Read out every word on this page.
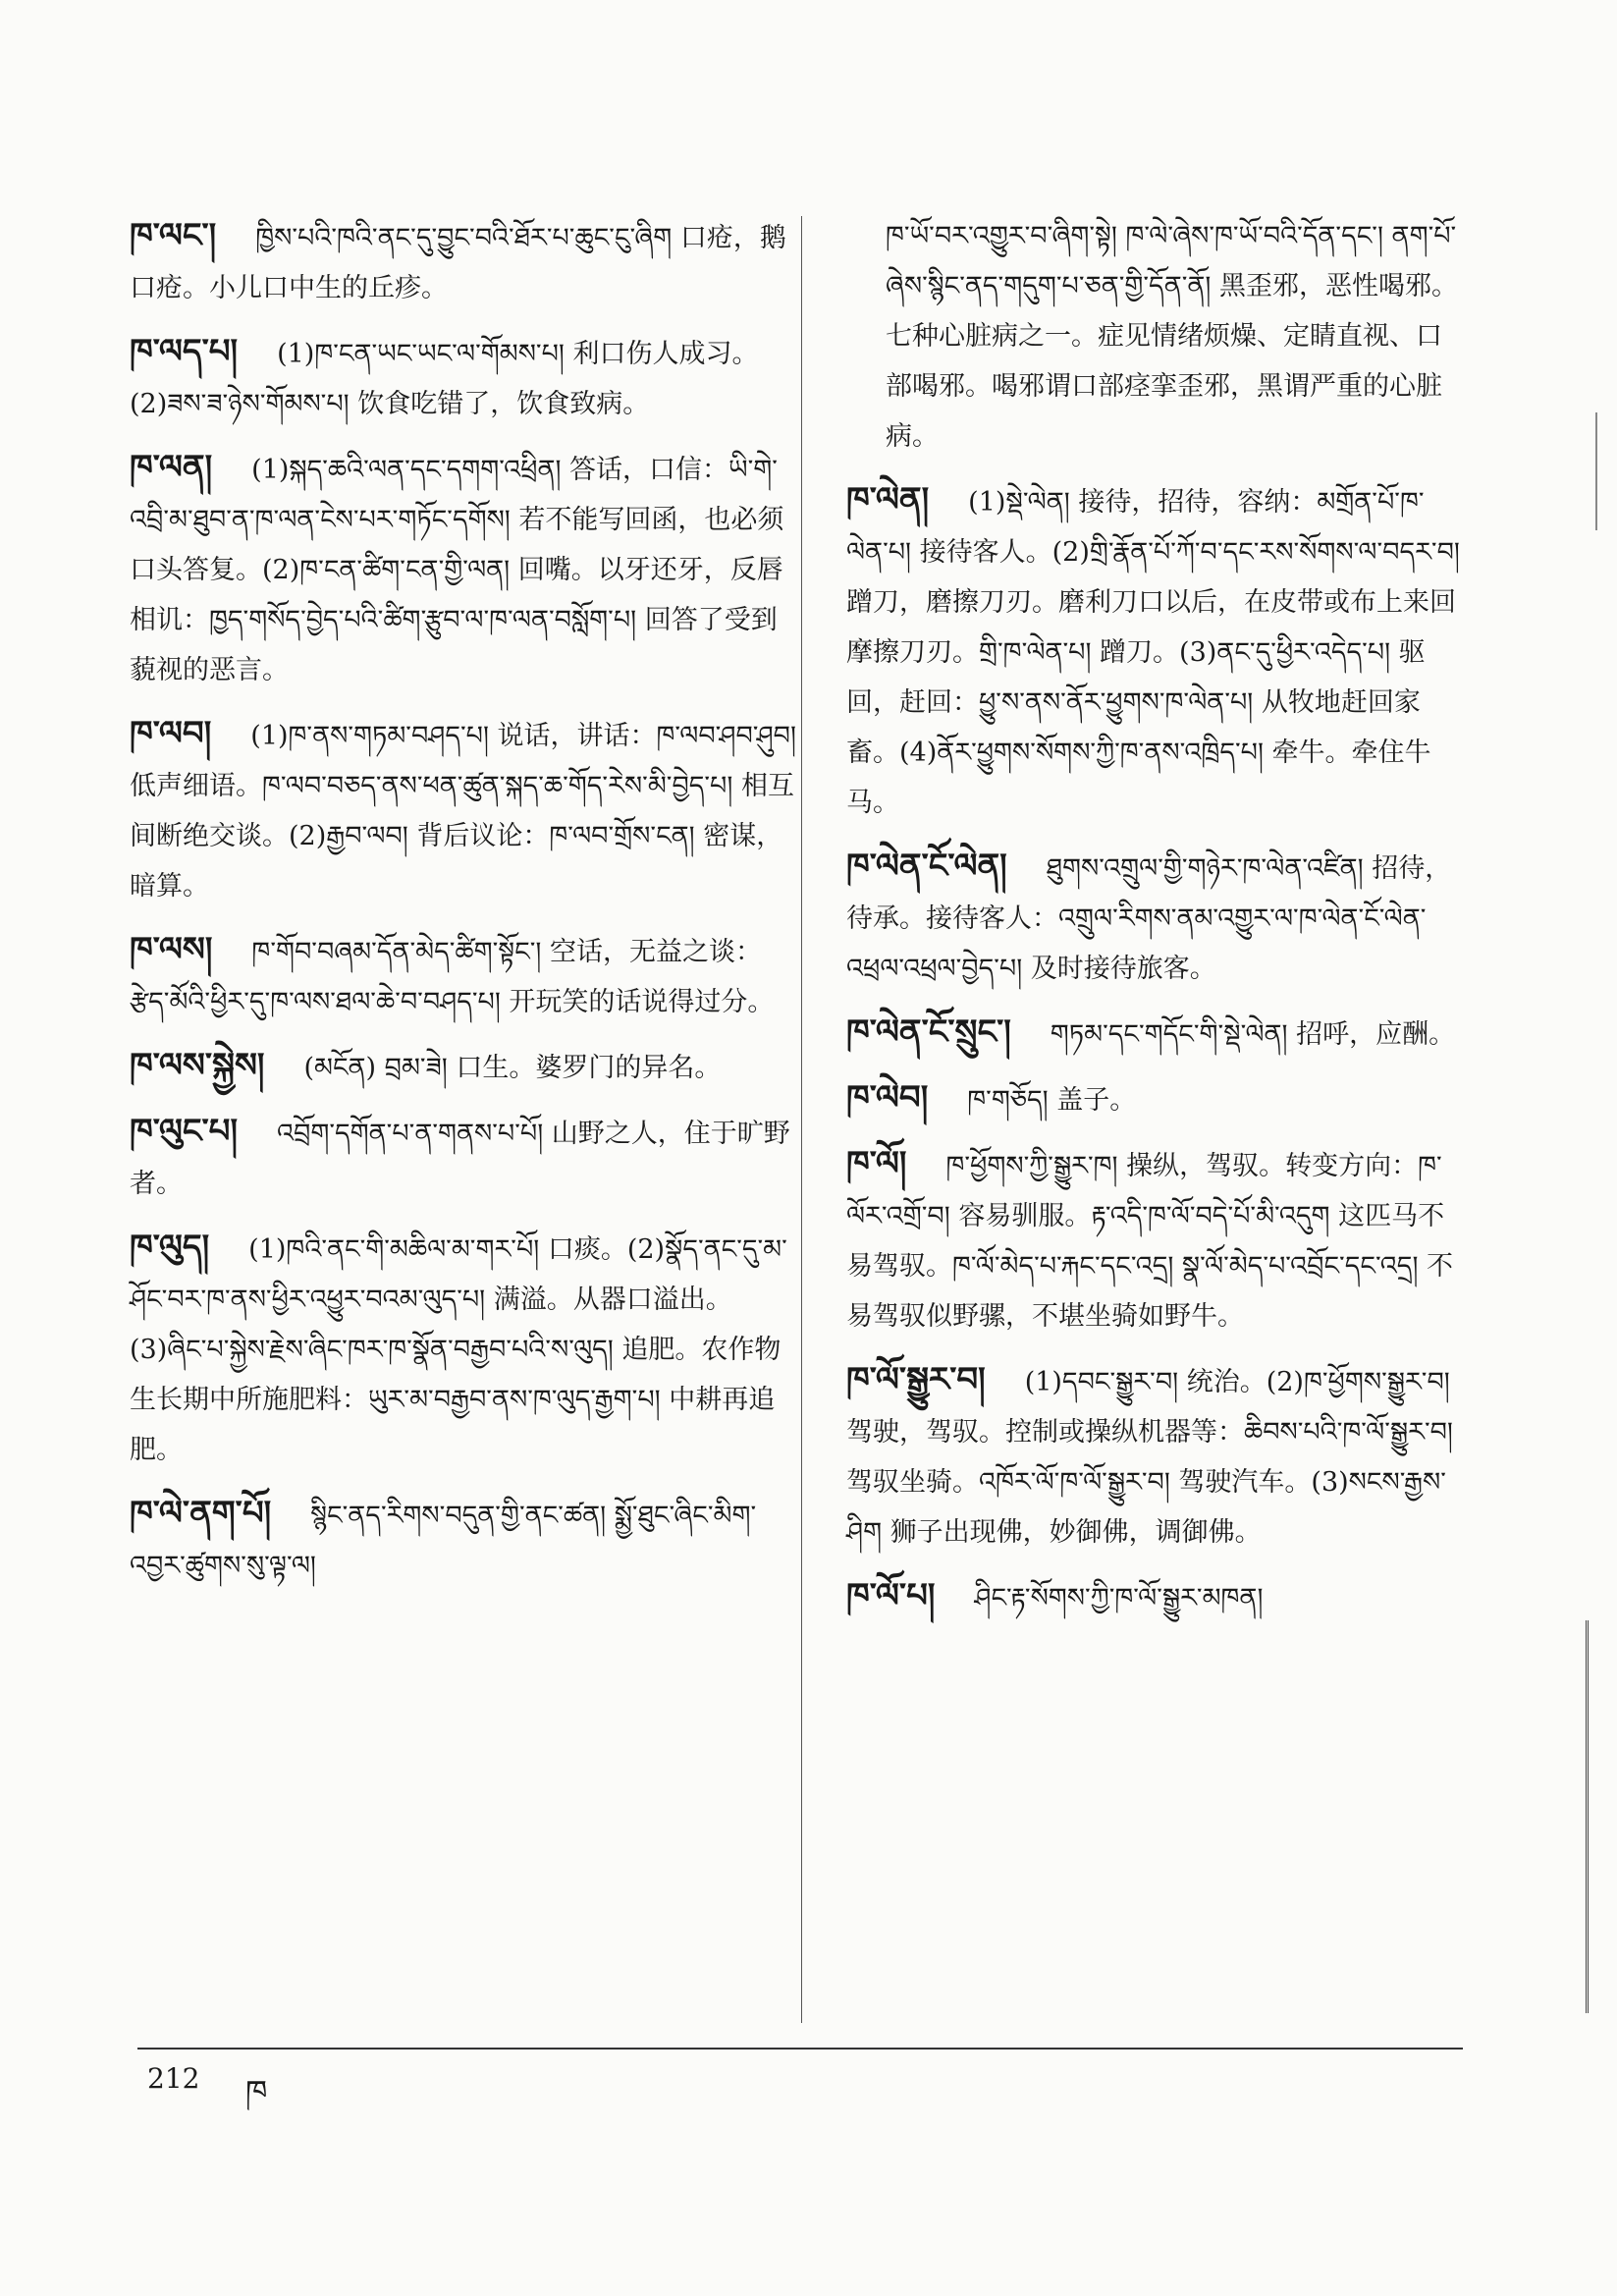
ཁ་ལང་། ཁྱིས་པའི་ཁའི་ནང་དུ་བྱུང་བའི་ཐོར་པ་ཆུང་ངུ་ཞིག 口疮，鹅口疮。小儿口中生的丘疹。
ཁ་ལད་པ། (1)ཁ་ངན་ཡང་ཡང་ལ་གོམས་པ། 利口伤人成习。(2)ཟས་ཟ་ཉེས་གོམས་པ། 饮食吃错了，饮食致病。
ཁ་ལན། (1)སྐད་ཆའི་ལན་དང་དགག་འཕྲིན། 答话，口信：ཡི་གེ་འབྲི་མ་ཐུབ་ན་ཁ་ལན་ངེས་པར་གཏོང་དགོས། 若不能写回函，也必须口头答复。(2)ཁ་ངན་ཚིག་ངན་གྱི་ལན། 回嘴。以牙还牙，反唇相讥：ཁྱད་གསོད་བྱེད་པའི་ཚིག་རྩུབ་ལ་ཁ་ལན་བསློག་པ། 回答了受到藐视的恶言。
ཁ་ལབ། (1)ཁ་ནས་གཏམ་བཤད་པ། 说话，讲话：ཁ་ལབ་ཤབ་ཤུབ། 低声细语。ཁ་ལབ་བཅད་ནས་ཕན་ཚུན་སྐད་ཆ་གོད་རེས་མི་བྱེད་པ། 相互间断绝交谈。(2)རྒྱབ་ལབ། 背后议论：ཁ་ལབ་གྲོས་ངན། 密谋，暗算。
ཁ་ལས། ཁ་གོབ་བཞམ་དོན་མེད་ཚིག་སྟོང་། 空话，无益之谈：རྩེད་མོའི་ཕྱིར་དུ་ཁ་ལས་ཐལ་ཆེ་བ་བཤད་པ། 开玩笑的话说得过分。
ཁ་ལས་སྐྱེས། (མངོན) བྲམ་ཟེ། 口生。婆罗门的异名。
ཁ་ལུང་པ། འབྲོག་དགོན་པ་ན་གནས་པ་པོ། 山野之人，住于旷野者。
ཁ་ལུད། (1)ཁའི་ནང་གི་མཆིལ་མ་གར་པོ། 口痰。(2)སྣོད་ནང་དུ་མ་ཤོང་བར་ཁ་ནས་ཕྱིར་འཕྱུར་བའམ་ལུད་པ། 满溢。从器口溢出。(3)ཞིང་པ་སྐྱེས་རྗེས་ཞིང་ཁར་ཁ་སྣོན་བརྒྱབ་པའི་ས་ལུད། 追肥。农作物生长期中所施肥料：ཡུར་མ་བརྒྱབ་ནས་ཁ་ལུད་རྒྱག་པ། 中耕再追肥。
ཁ་ལེ་ནག་པོ། སྙིང་ནད་རིགས་བདུན་གྱི་ནང་ཚན། སྨྱོ་ཐུང་ཞིང་མིག་འབྱར་ཚུགས་སུ་ལྟ་ལ།
ཁ་ཡོ་བར་འགྱུར་བ་ཞིག་སྟེ། ཁ་ལེ་ཞེས་ཁ་ཡོ་བའི་དོན་དང་། ནག་པོ་ཞེས་སྙིང་ནད་གདུག་པ་ཅན་གྱི་དོན་ནོ། 黑歪邪，恶性喝邪。七种心脏病之一。症见情绪烦燥、定睛直视、口部喝邪。喝邪谓口部痉挛歪邪，黑谓严重的心脏病。
ཁ་ལེན། (1)སྡེ་ལེན། 接待，招待，容纳：མགྲོན་པོ་ཁ་ལེན་པ། 接待客人。(2)གྲི་རྣོན་པོ་ཀོ་བ་དང་རས་སོགས་ལ་བདར་བ། 蹭刀，磨擦刀刃。磨利刀口以后，在皮带或布上来回摩擦刀刃。གྲི་ཁ་ལེན་པ། 蹭刀。(3)ནང་དུ་ཕྱིར་འདེད་པ། 驱回，赶回：ཕྱུ་ས་ནས་ནོར་ཕྱུགས་ཁ་ལེན་པ། 从牧地赶回家畜。(4)ནོར་ཕྱུགས་སོགས་ཀྱི་ཁ་ནས་འཁྲིད་པ། 牵牛。牵住牛马。
ཁ་ལེན་ངོ་ལེན། ཐུགས་འགྲུལ་གྱི་གཉེར་ཁ་ལེན་འཛིན། 招待，待承。接待客人：འགྲུལ་རིགས་ནམ་འགྱུར་ལ་ཁ་ལེན་ངོ་ལེན་འཕྲལ་འཕྲལ་བྱེད་པ། 及时接待旅客。
ཁ་ལེན་ངོ་སྲུང་། གཏམ་དང་གདོང་གི་སྡེ་ལེན། 招呼，应酬。
ཁ་ལེབ། ཁ་གཅོད། 盖子。
ཁ་ལོ། ཁ་ཕྱོགས་ཀྱི་སྒྱུར་ཁ། 操纵，驾驭。转变方向：ཁ་ལོར་འགྲོ་བ། 容易驯服。རྟ་འདི་ཁ་ལོ་བདེ་པོ་མི་འདུག 这匹马不易驾驭。ཁ་ལོ་མེད་པ་རྐང་དང་འདྲ། སྣ་ལོ་མེད་པ་འབྲོང་དང་འདྲ། 不易驾驭似野骡，不堪坐骑如野牛。
ཁ་ལོ་སྒྱུར་བ། (1)དབང་སྒྱུར་བ། 统治。(2)ཁ་ཕྱོགས་སྒྱུར་བ། 驾驶，驾驭。控制或操纵机器等：ཆིབས་པའི་ཁ་ལོ་སྒྱུར་བ། 驾驭坐骑。འཁོར་ལོ་ཁ་ལོ་སྒྱུར་བ། 驾驶汽车。(3)སངས་རྒྱས་ཤིག 狮子出现佛，妙御佛，调御佛。
ཁ་ལོ་པ། ཤིང་རྟ་སོགས་ཀྱི་ཁ་ལོ་སྒྱུར་མཁན།
212 ཁ
